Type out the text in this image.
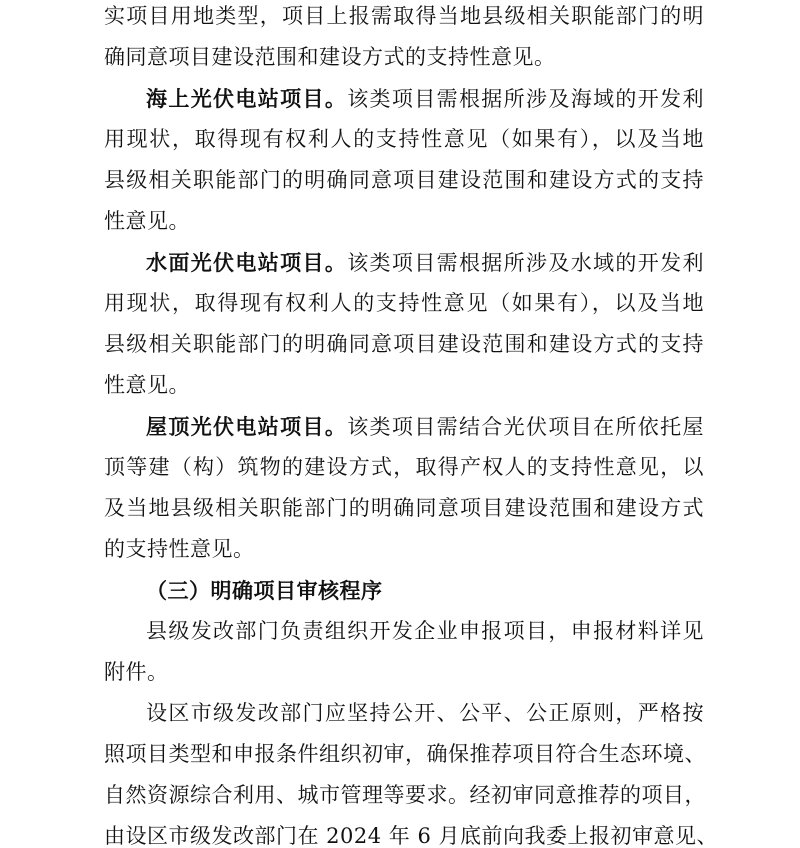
实项目用地类型，项目上报需取得当地县级相关职能部门的明
确同意项目建设范围和建设方式的支持性意见。
海上光伏电站项目。该类项目需根据所涉及海域的开发利
用现状，取得现有权利人的支持性意见（如果有），以及当地
县级相关职能部门的明确同意项目建设范围和建设方式的支持
性意见。
水面光伏电站项目。该类项目需根据所涉及水域的开发利
用现状，取得现有权利人的支持性意见（如果有），以及当地
县级相关职能部门的明确同意项目建设范围和建设方式的支持
性意见。
屋顶光伏电站项目。该类项目需结合光伏项目在所依托屋
顶等建（构）筑物的建设方式，取得产权人的支持性意见，以
及当地县级相关职能部门的明确同意项目建设范围和建设方式
的支持性意见。
（三）明确项目审核程序
县级发改部门负责组织开发企业申报项目，申报材料详见
附件。
设区市级发改部门应坚持公开、公平、公正原则，严格按
照项目类型和申报条件组织初审，确保推荐项目符合生态环境、
自然资源综合利用、城市管理等要求。经初审同意推荐的项目，
由设区市级发改部门在 2024 年 6 月底前向我委上报初审意见、
